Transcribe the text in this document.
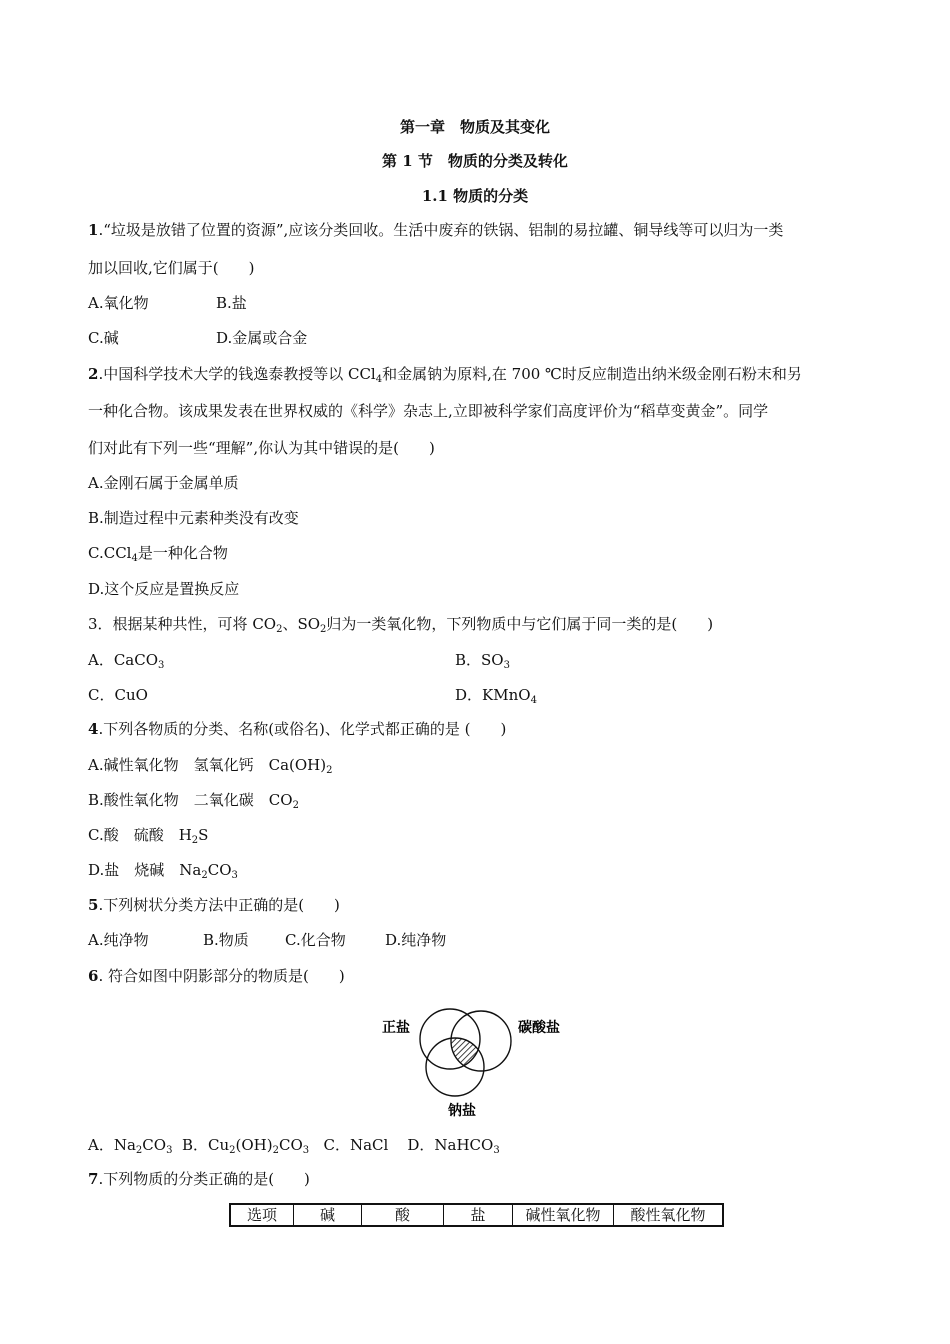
第一章　物质及其变化
第 1 节　物质的分类及转化
1.1 物质的分类
1.“垃圾是放错了位置的资源”,应该分类回收。生活中废弃的铁锅、铝制的易拉罐、铜导线等可以归为一类
加以回收,它们属于(　　)
A.氧化物	B.盐
C.碱	D.金属或合金
2.中国科学技术大学的钱逸泰教授等以 CCl$_4$和金属钠为原料,在 700 ℃时反应制造出纳米级金刚石粉末和另
一种化合物。该成果发表在世界权威的《科学》杂志上,立即被科学家们高度评价为“稻草变黄金”。同学
们对此有下列一些“理解”,你认为其中错误的是(　　)
A.金刚石属于金属单质
B.制造过程中元素种类没有改变
C.CCl$_4$是一种化合物
D.这个反应是置换反应
3．根据某种共性，可将 $CO_2$、$SO_2$归为一类氧化物，下列物质中与它们属于同一类的是(　　)
A．CaCO$_3$	B．$SO_3$
C．CuO	D．KMnO$_4$
4.下列各物质的分类、名称(或俗名)、化学式都正确的是 (　　)
A.碱性氧化物　氢氧化钙　$Ca(OH)_2$
B.酸性氧化物　二氧化碳　$CO_2$
C.酸　硫酸　$H_2S$
D.盐　烧碱　$Na_2CO_3$
5.下列树状分类方法中正确的是(　　)
A.纯净物	B.物质 C.化合物	D.纯净物
6. 符合如图中阴影部分的物质是(　　)
正盐	碳酸盐
钠盐
A．$Na_2CO_3$ B．$Cu_2(OH)_2CO_3$ C．NaCl D．NaHCO$_3$
7.下列物质的分类正确的是(　　)
选项	碱	酸	盐	碱性氧化物	酸性氧化物
